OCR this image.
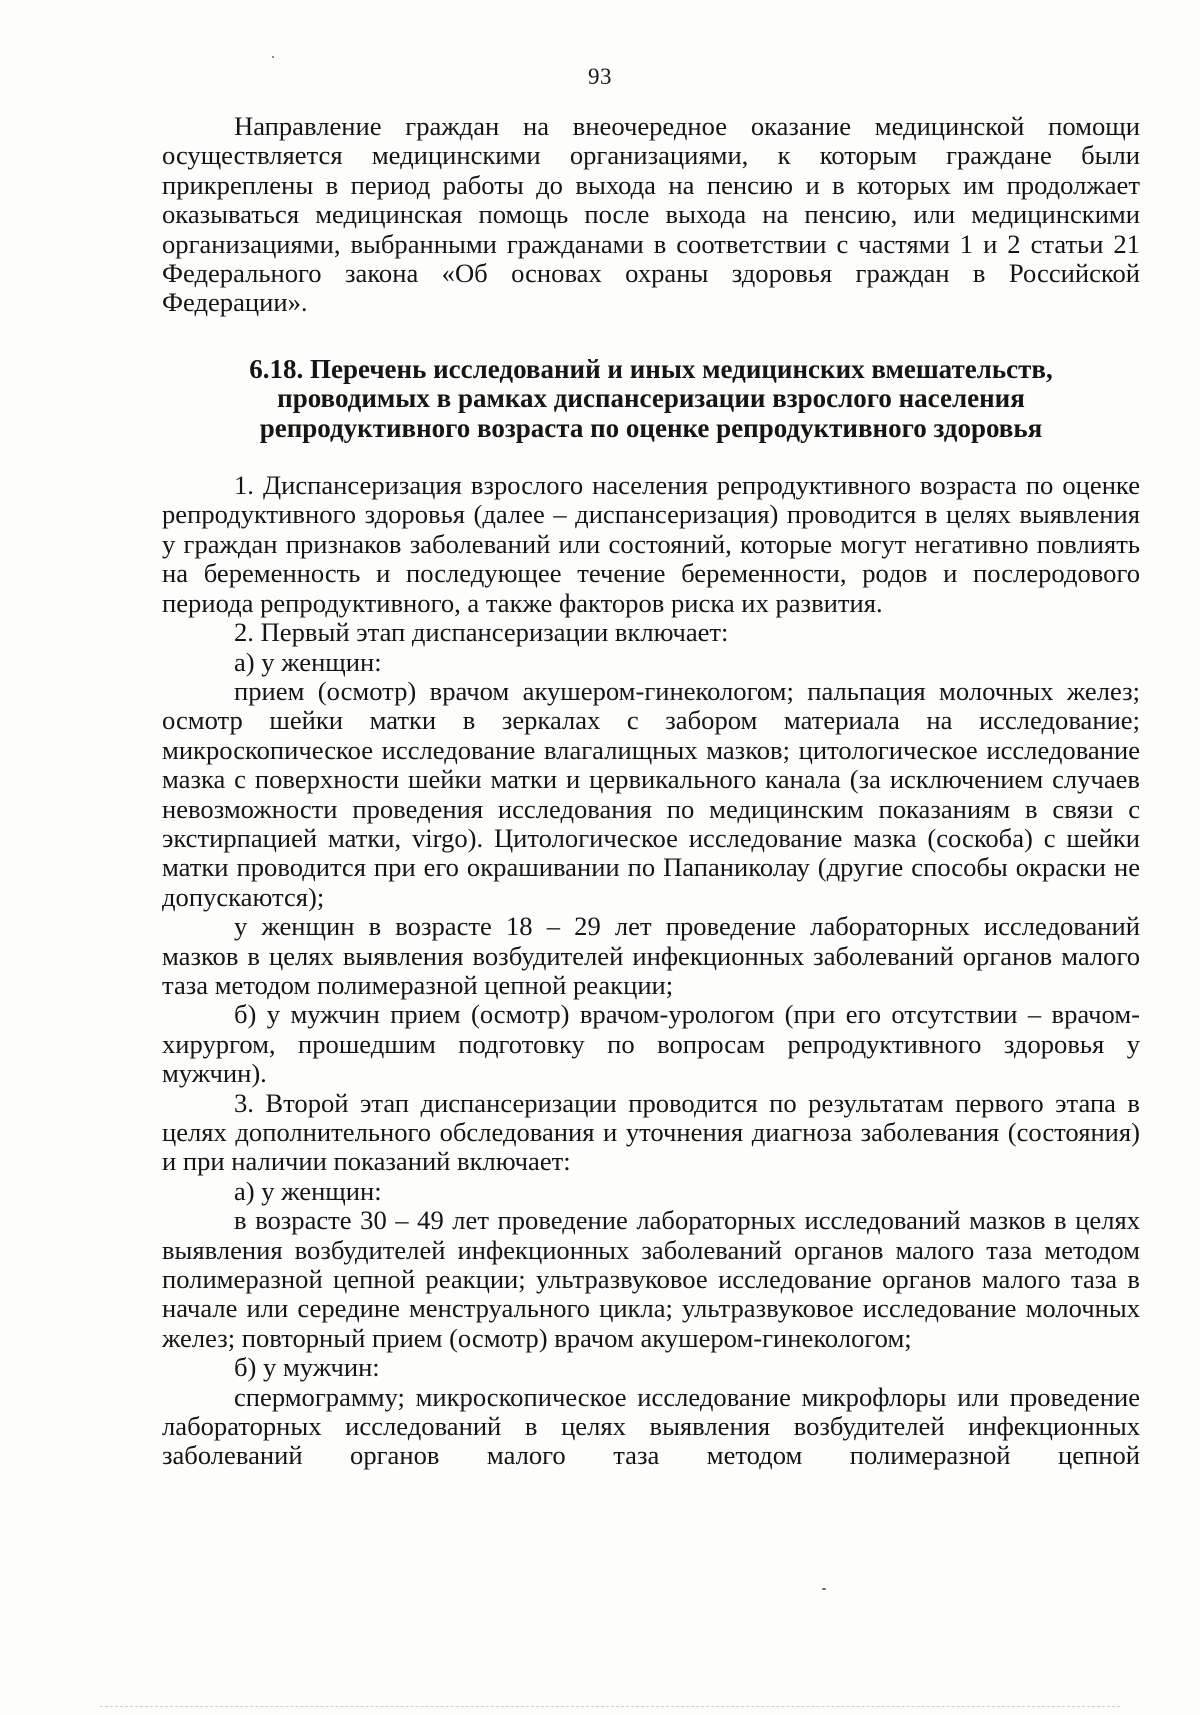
93

Направление граждан на внеочередное оказание медицинской помощи осуществляется медицинскими организациями, к которым граждане были прикреплены в период работы до выхода на пенсию и в которых им продолжает оказываться медицинская помощь после выхода на пенсию, или медицинскими организациями, выбранными гражданами в соответствии с частями 1 и 2 статьи 21 Федерального закона «Об основах охраны здоровья граждан в Российской Федерации».

6.18. Перечень исследований и иных медицинских вмешательств,
проводимых в рамках диспансеризации взрослого населения
репродуктивного возраста по оценке репродуктивного здоровья

1. Диспансеризация взрослого населения репродуктивного возраста по оценке репродуктивного здоровья (далее – диспансеризация) проводится в целях выявления у граждан признаков заболеваний или состояний, которые могут негативно повлиять на беременность и последующее течение беременности, родов и послеродового периода репродуктивного, а также факторов риска их развития.

2. Первый этап диспансеризации включает:

а) у женщин:

прием (осмотр) врачом акушером-гинекологом; пальпация молочных желез; осмотр шейки матки в зеркалах с забором материала на исследование; микроскопическое исследование влагалищных мазков; цитологическое исследование мазка с поверхности шейки матки и цервикального канала (за исключением случаев невозможности проведения исследования по медицинским показаниям в связи с экстирпацией матки, virgo). Цитологическое исследование мазка (соскоба) с шейки матки проводится при его окрашивании по Папаниколау (другие способы окраски не допускаются);

у женщин в возрасте 18 – 29 лет проведение лабораторных исследований мазков в целях выявления возбудителей инфекционных заболеваний органов малого таза методом полимеразной цепной реакции;

б) у мужчин прием (осмотр) врачом-урологом (при его отсутствии – врачом-хирургом, прошедшим подготовку по вопросам репродуктивного здоровья у мужчин).

3. Второй этап диспансеризации проводится по результатам первого этапа в целях дополнительного обследования и уточнения диагноза заболевания (состояния) и при наличии показаний включает:

а) у женщин:

в возрасте 30 – 49 лет проведение лабораторных исследований мазков в целях выявления возбудителей инфекционных заболеваний органов малого таза методом полимеразной цепной реакции; ультразвуковое исследование органов малого таза в начале или середине менструального цикла; ультразвуковое исследование молочных желез; повторный прием (осмотр) врачом акушером-гинекологом;

б) у мужчин:

спермограмму; микроскопическое исследование микрофлоры или проведение лабораторных исследований в целях выявления возбудителей инфекционных заболеваний органов малого таза методом полимеразной цепной
